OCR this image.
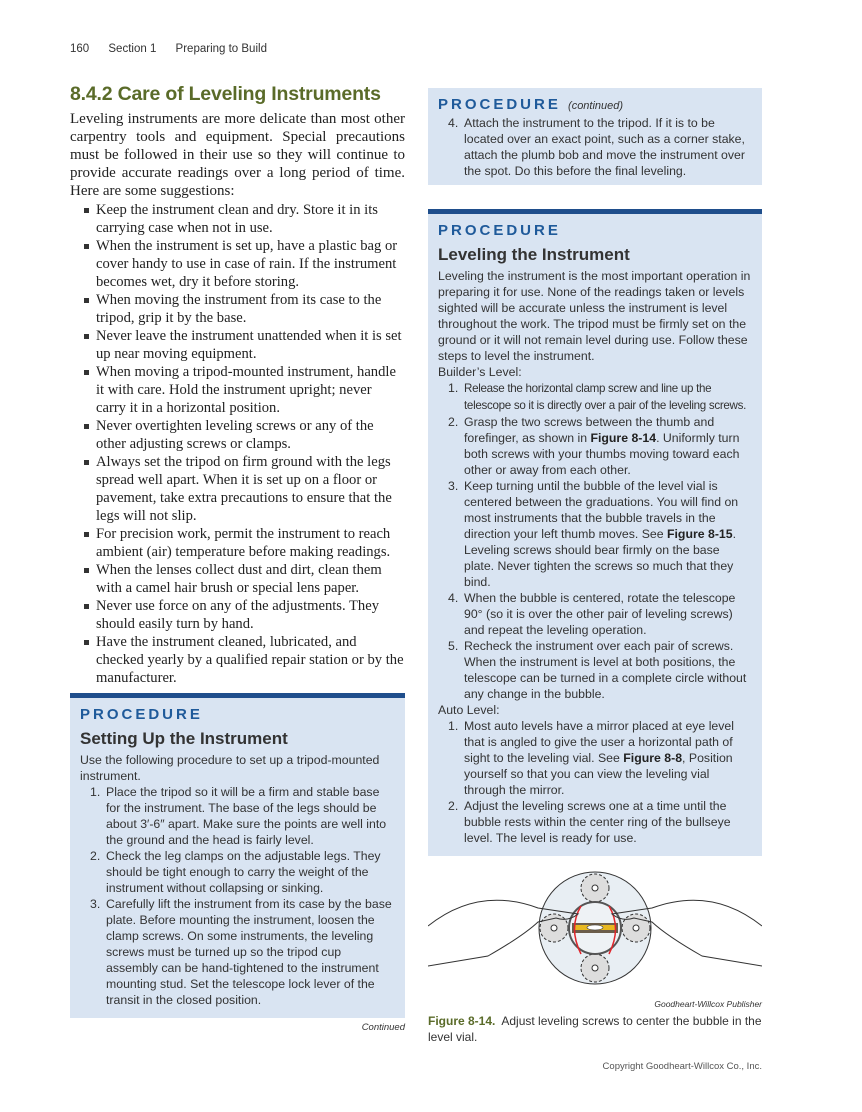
160 Section 1 Preparing to Build
8.4.2 Care of Leveling Instruments

Leveling instruments are more delicate than most other carpentry tools and equipment. Special precautions must be followed in their use so they will continue to provide accurate readings over a long period of time. Here are some suggestions:

Keep the instrument clean and dry. Store it in its carrying case when not in use.
When the instrument is set up, have a plastic bag or cover handy to use in case of rain. If the instrument becomes wet, dry it before storing.
When moving the instrument from its case to the tripod, grip it by the base.
Never leave the instrument unattended when it is set up near moving equipment.
When moving a tripod-mounted instrument, handle it with care. Hold the instrument upright; never carry it in a horizontal position.
Never overtighten leveling screws or any of the other adjusting screws or clamps.
Always set the tripod on firm ground with the legs spread well apart. When it is set up on a floor or pavement, take extra precautions to ensure that the legs will not slip.
For precision work, permit the instrument to reach ambient (air) temperature before making readings.
When the lenses collect dust and dirt, clean them with a camel hair brush or special lens paper.
Never use force on any of the adjustments. They should easily turn by hand.
Have the instrument cleaned, lubricated, and checked yearly by a qualified repair station or by the manufacturer.
PROCEDURE
Setting Up the Instrument

Use the following procedure to set up a tripod-mounted instrument.

1. Place the tripod so it will be a firm and stable base for the instrument. The base of the legs should be about 3′-6″ apart. Make sure the points are well into the ground and the head is fairly level.
2. Check the leg clamps on the adjustable legs. They should be tight enough to carry the weight of the instrument without collapsing or sinking.
3. Carefully lift the instrument from its case by the base plate. Before mounting the instrument, loosen the clamp screws. On some instruments, the leveling screws must be turned up so the tripod cup assembly can be hand-tightened to the instrument mounting stud. Set the telescope lock lever of the transit in the closed position.
Continued
PROCEDURE (continued)
4. Attach the instrument to the tripod. If it is to be located over an exact point, such as a corner stake, attach the plumb bob and move the instrument over the spot. Do this before the final leveling.
PROCEDURE
Leveling the Instrument

Leveling the instrument is the most important operation in preparing it for use. None of the readings taken or levels sighted will be accurate unless the instrument is level throughout the work. The tripod must be firmly set on the ground or it will not remain level during use. Follow these steps to level the instrument.

Builder’s Level:

1. Release the horizontal clamp screw and line up the telescope so it is directly over a pair of the leveling screws.
2. Grasp the two screws between the thumb and forefinger, as shown in Figure 8-14. Uniformly turn both screws with your thumbs moving toward each other or away from each other.
3. Keep turning until the bubble of the level vial is centered between the graduations. You will find on most instruments that the bubble travels in the direction your left thumb moves. See Figure 8-15. Leveling screws should bear firmly on the base plate. Never tighten the screws so much that they bind.
4. When the bubble is centered, rotate the telescope 90° (so it is over the other pair of leveling screws) and repeat the leveling operation.
5. Recheck the instrument over each pair of screws. When the instrument is level at both positions, the telescope can be turned in a complete circle without any change in the bubble.

Auto Level:

1. Most auto levels have a mirror placed at eye level that is angled to give the user a horizontal path of sight to the leveling vial. See Figure 8-8, Position yourself so that you can view the leveling vial through the mirror.
2. Adjust the leveling screws one at a time until the bubble rests within the center ring of the bullseye level. The level is ready for use.
Goodheart-Willcox Publisher

Figure 8-14. Adjust leveling screws to center the bubble in the level vial.

Copyright Goodheart-Willcox Co., Inc.
